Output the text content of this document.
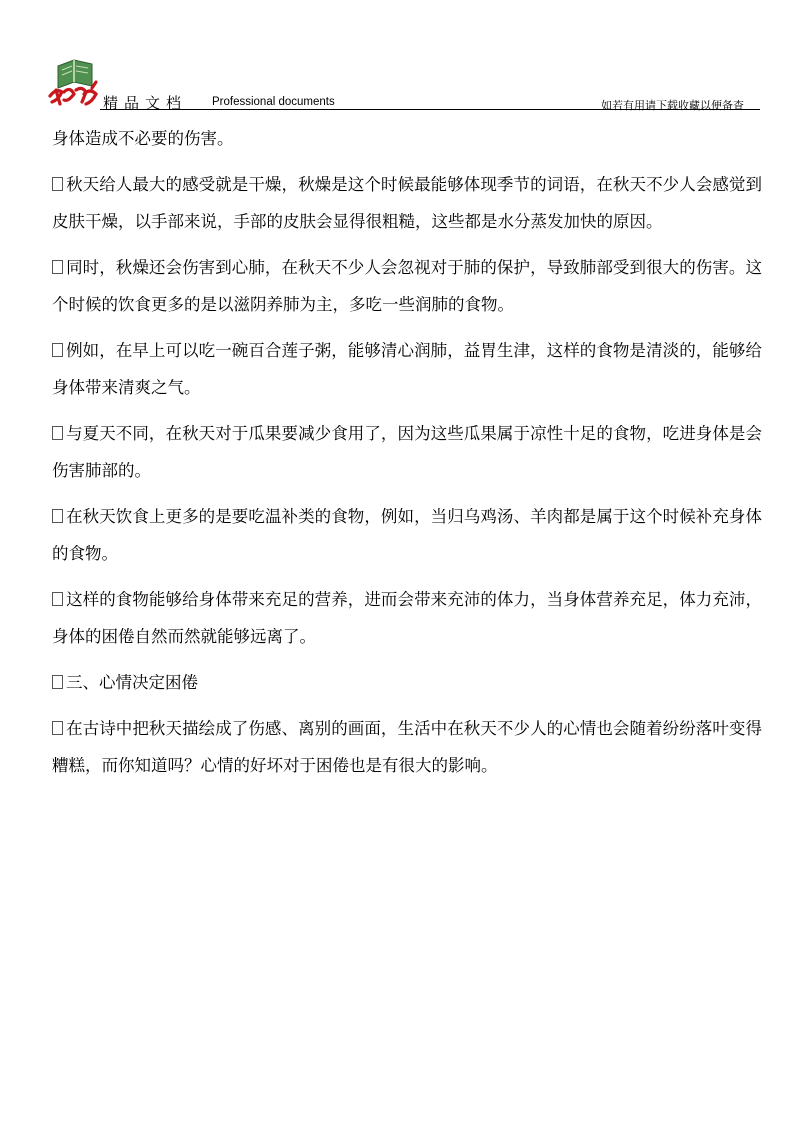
精品文档 Professional documents	如若有用请下载收藏以便备查

身体造成不必要的伤害。

秋天给人最大的感受就是干燥，秋燥是这个时候最能够体现季节的词语，在秋天不少人会感觉到皮肤干燥，以手部来说，手部的皮肤会显得很粗糙，这些都是水分蒸发加快的原因。

同时，秋燥还会伤害到心肺，在秋天不少人会忽视对于肺的保护，导致肺部受到很大的伤害。这个时候的饮食更多的是以滋阴养肺为主，多吃一些润肺的食物。

例如，在早上可以吃一碗百合莲子粥，能够清心润肺，益胃生津，这样的食物是清淡的，能够给身体带来清爽之气。

与夏天不同，在秋天对于瓜果要减少食用了，因为这些瓜果属于凉性十足的食物，吃进身体是会伤害肺部的。

在秋天饮食上更多的是要吃温补类的食物，例如，当归乌鸡汤、羊肉都是属于这个时候补充身体的食物。

这样的食物能够给身体带来充足的营养，进而会带来充沛的体力，当身体营养充足，体力充沛，身体的困倦自然而然就能够远离了。

三、心情决定困倦

在古诗中把秋天描绘成了伤感、离别的画面，生活中在秋天不少人的心情也会随着纷纷落叶变得糟糕，而你知道吗？心情的好坏对于困倦也是有很大的影响。
